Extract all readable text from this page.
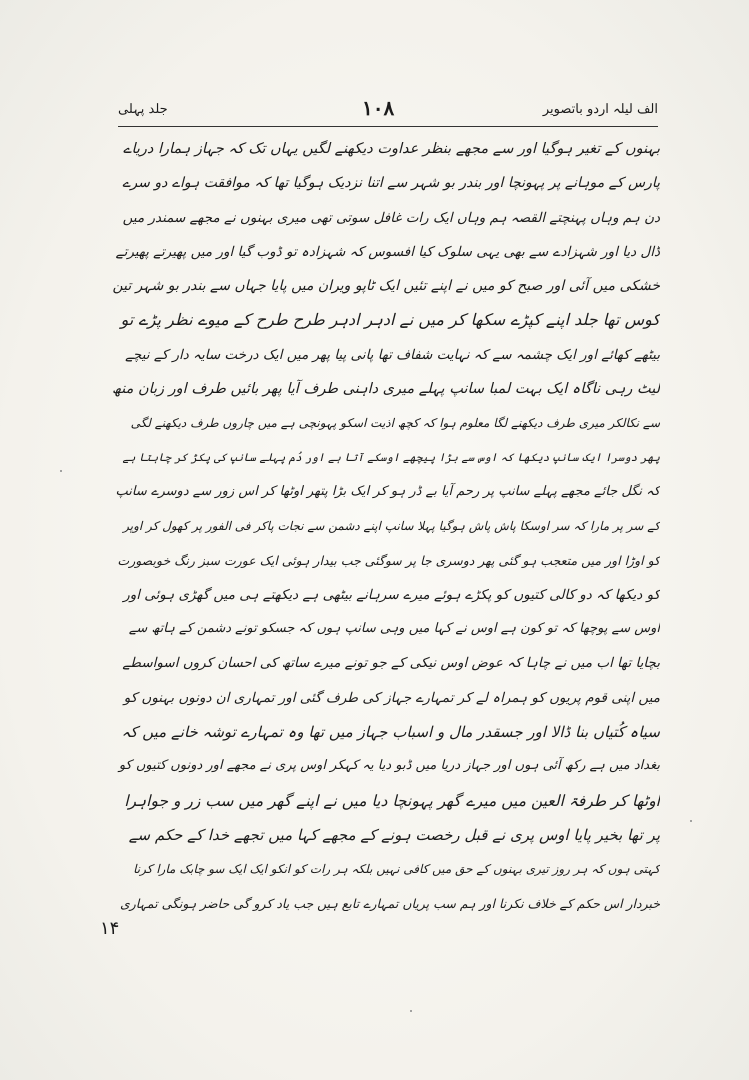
الف لیلہ اردو باتصویر
۱۰۸
جلد پہلی
بہنوں کے تغیر ہوگیا اور سے مجھے بنظر عداوت دیکھنے لگیں یہاں تک کہ جہاز ہمارا دریاے
پارس کے موہانے پر پہونچا اور بندر بو شہر سے اتنا نزدیک ہوگیا تھا کہ موافقت ہواے دو سرے
دن ہم وہاں پہنچتے القصہ ہم وہاں ایک رات غافل سوتی تھی میری بہنوں نے مجھے سمندر میں
ڈال دیا اور شہزادے سے بھی یہی سلوک کیا افسوس کہ شہزادہ تو ڈوب گیا اور میں پھیرتے پھیرتے
خشکی میں آئی اور صبح کو میں نے اپنے تئیں ایک ٹاپو ویران میں پایا جہاں سے بندر بو شہر تین
کوس تھا جلد اپنے کپڑے سکھا کر میں نے ادہر ادہر طرح طرح کے میوے نظر پڑے تو
بیٹھے کھائے اور ایک چشمہ سے کہ نہایت شفاف تھا پانی پیا پھر میں ایک درخت سایہ دار کے نیچے
لیٹ رہی ناگاہ ایک بہت لمبا سانپ پہلے میری داہنی طرف آیا پھر بائیں طرف اور زبان منھ
سے نکالکر میری طرف دیکھنے لگا معلوم ہوا کہ کچھ اذیت اسکو پہونچی ہے میں چاروں طرف دیکھنے لگی
پھر دوسرا ایک سانپ دیکھا کہ اوس سے بڑا پیچھے اوسکے آتا ہے اور دُم پہلے سانپ کی پکڑ کر چاہتا ہے
کہ نگل جائے مجھے پہلے سانپ پر رحم آیا بے ڈر ہو کر ایک بڑا پتھر اوٹھا کر اس زور سے دوسرے سانپ
کے سر پر مارا کہ سر اوسکا پاش پاش ہوگیا پہلا سانپ اپنے دشمن سے نجات پاکر فی الفور پر کھول کر اوپر
کو اوڑا اور میں متعجب ہو گئی پھر دوسری جا پر سوگئی جب بیدار ہوئی ایک عورت سبز رنگ خوبصورت
کو دیکھا کہ دو کالی کتیوں کو پکڑے ہوئے میرے سرہانے بیٹھی ہے دیکھتے ہی میں گھڑی ہوئی اور
اوس سے پوچھا کہ تو کون ہے اوس نے کہا میں وہی سانپ ہوں کہ جسکو تونے دشمن کے ہاتھ سے
بچایا تھا اب میں نے چاہا کہ عوض اوس نیکی کے جو تونے میرے ساتھ کی احسان کروں اسواسطے
میں اپنی قوم پریوں کو ہمراہ لے کر تمہارے جہاز کی طرف گئی اور تمہاری ان دونوں بہنوں کو
سیاہ کُتیاں بنا ڈالا اور جسقدر مال و اسباب جہاز میں تھا وہ تمہارے توشہ خانے میں کہ
بغداد میں ہے رکھ آئی ہوں اور جہاز دریا میں ڈبو دیا یہ کہکر اوس پری نے مجھے اور دونوں کتیوں کو
اوٹھا کر طرفۃ العین میں میرے گھر پہونچا دیا میں نے اپنے گھر میں سب زر و جواہرا
پر تھا بخیر پایا اوس پری نے قبل رخصت ہونے کے مجھے کہا میں تجھے خدا کے حکم سے
کہتی ہوں کہ ہر روز تیری بہنوں کے حق میں کافی نہیں بلکہ ہر رات کو انکو ایک ایک سو چابک مارا کرنا
خبردار اس حکم کے خلاف نکرنا اور ہم سب پریاں تمہارے تابع ہیں جب یاد کرو گی حاضر ہونگی تمہاری
۱۴
